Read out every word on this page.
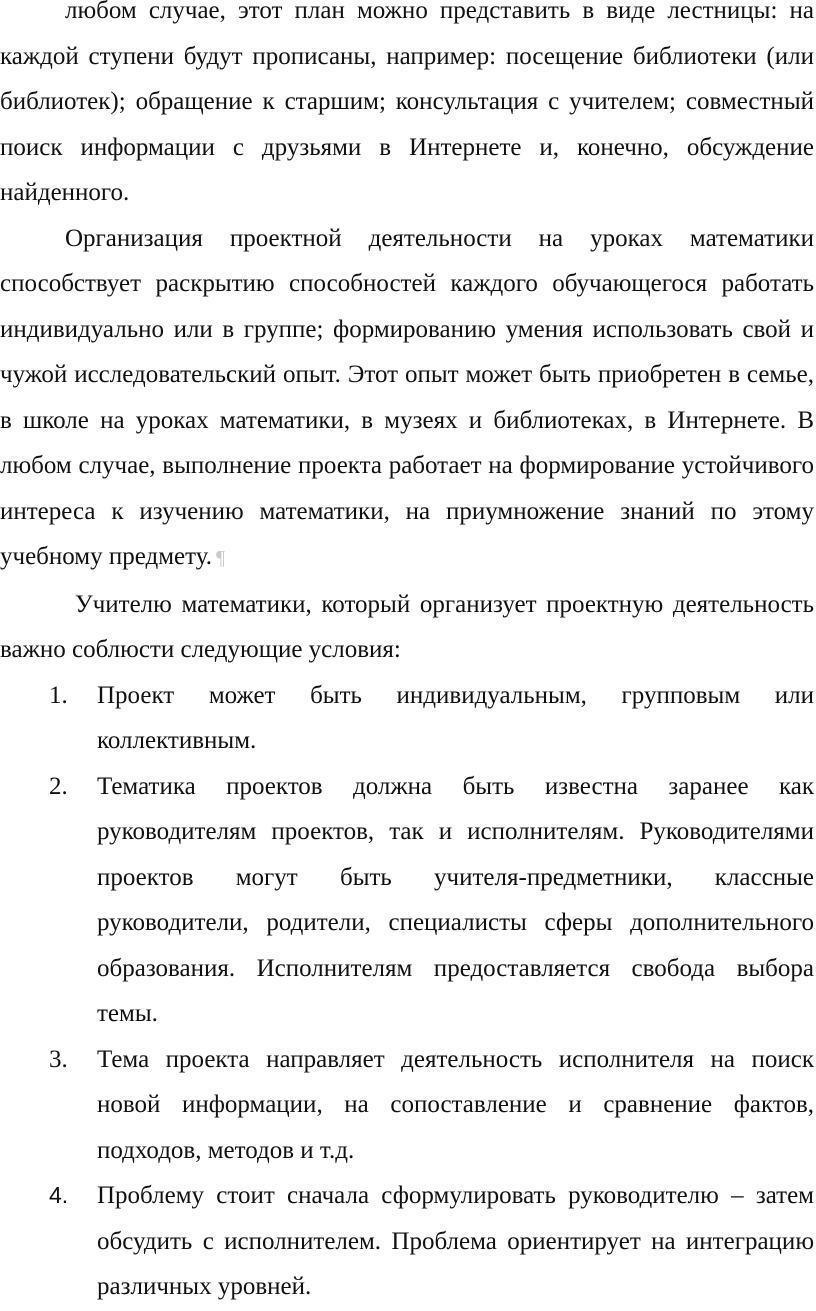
любом случае, этот план можно представить в виде лестницы: на каждой ступени будут прописаны, например: посещение библиотеки (или библиотек); обращение к старшим; консультация с учителем; совместный поиск информации с друзьями в Интернете и, конечно, обсуждение найденного.

Организация проектной деятельности на уроках математики способствует раскрытию способностей каждого обучающегося работать индивидуально или в группе; формированию умения использовать свой и чужой исследовательский опыт. Этот опыт может быть приобретен в семье, в школе на уроках математики, в музеях и библиотеках, в Интернете. В любом случае, выполнение проекта работает на формирование устойчивого интереса к изучению математики, на приумножение знаний по этому учебному предмету. ¶

Учителю математики, который организует проектную деятельность важно соблюсти следующие условия:

1. Проект может быть индивидуальным, групповым или коллективным.
2. Тематика проектов должна быть известна заранее как руководителям проектов, так и исполнителям. Руководителями проектов могут быть учителя-предметники, классные руководители, родители, специалисты сферы дополнительного образования. Исполнителям предоставляется свобода выбора темы.
3. Тема проекта направляет деятельность исполнителя на поиск новой информации, на сопоставление и сравнение фактов, подходов, методов и т.д.
4. Проблему стоит сначала сформулировать руководителю – затем обсудить с исполнителем. Проблема ориентирует на интеграцию различных уровней.
